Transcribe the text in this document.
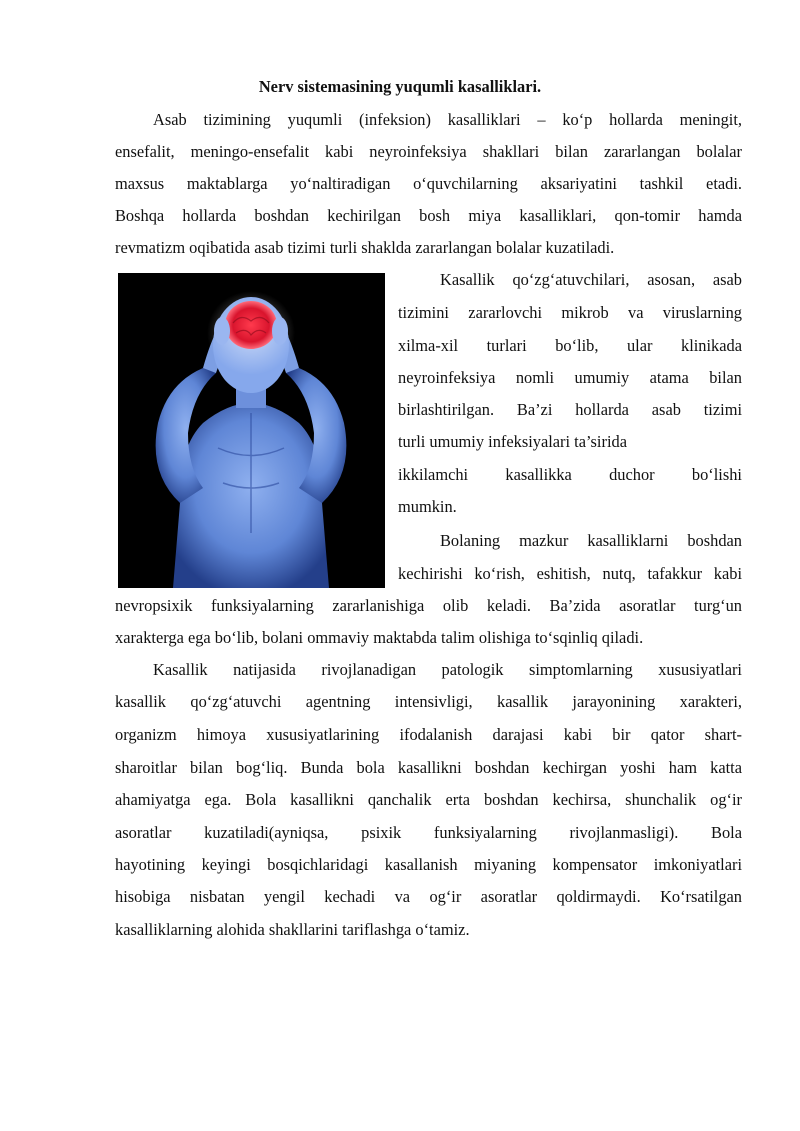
Nerv sistemasining yuqumli kasalliklari.
Asab tizimining yuqumli (infeksion) kasalliklari – koʻp hollarda meningit,
ensefalit, meningo-ensefalit kabi neyroinfeksiya shakllari bilan zararlangan bolalar
maxsus maktablarga yoʻnaltiradigan oʻquvchilarning aksariyatini tashkil etadi.
Boshqa hollarda boshdan kechirilgan bosh miya kasalliklari, qon-tomir hamda
revmatizm oqibatida asab tizimi turli shaklda zararlangan bolalar kuzatiladi.
Kasallik qoʻzgʻatuvchilari, asosan, asab
tizimini zararlovchi mikrob va viruslarning
xilma-xil turlari boʻlib, ular klinikada
neyroinfeksiya nomli umumiy atama bilan
birlashtirilgan. Ba’zi hollarda asab tizimi
turli umumiy infeksiyalari ta’sirida
ikkilamchi kasallikka duchor boʻlishi
mumkin.
Bolaning mazkur kasalliklarni boshdan
kechirishi koʻrish, eshitish, nutq, tafakkur kabi
nevropsixik funksiyalarning zararlanishiga olib keladi. Ba’zida asoratlar turgʻun
xarakterga ega boʻlib, bolani ommaviy maktabda talim olishiga toʻsqinliq qiladi.
Kasallik natijasida rivojlanadigan patologik simptomlarning xususiyatlari
kasallik qoʻzgʻatuvchi agentning intensivligi, kasallik jarayonining xarakteri,
organizm himoya xususiyatlarining ifodalanish darajasi kabi bir qator shart-
sharoitlar bilan bogʻliq. Bunda bola kasallikni boshdan kechirgan yoshi ham katta
ahamiyatga ega. Bola kasallikni qanchalik erta boshdan kechirsa, shunchalik ogʻir
asoratlar kuzatiladi(ayniqsa, psixik funksiyalarning rivojlanmasligi). Bola
hayotining keyingi bosqichlaridagi kasallanish miyaning kompensator imkoniyatlari
hisobiga nisbatan yengil kechadi va ogʻir asoratlar qoldirmaydi. Koʻrsatilgan
kasalliklarning alohida shakllarini tariflashga oʻtamiz.
